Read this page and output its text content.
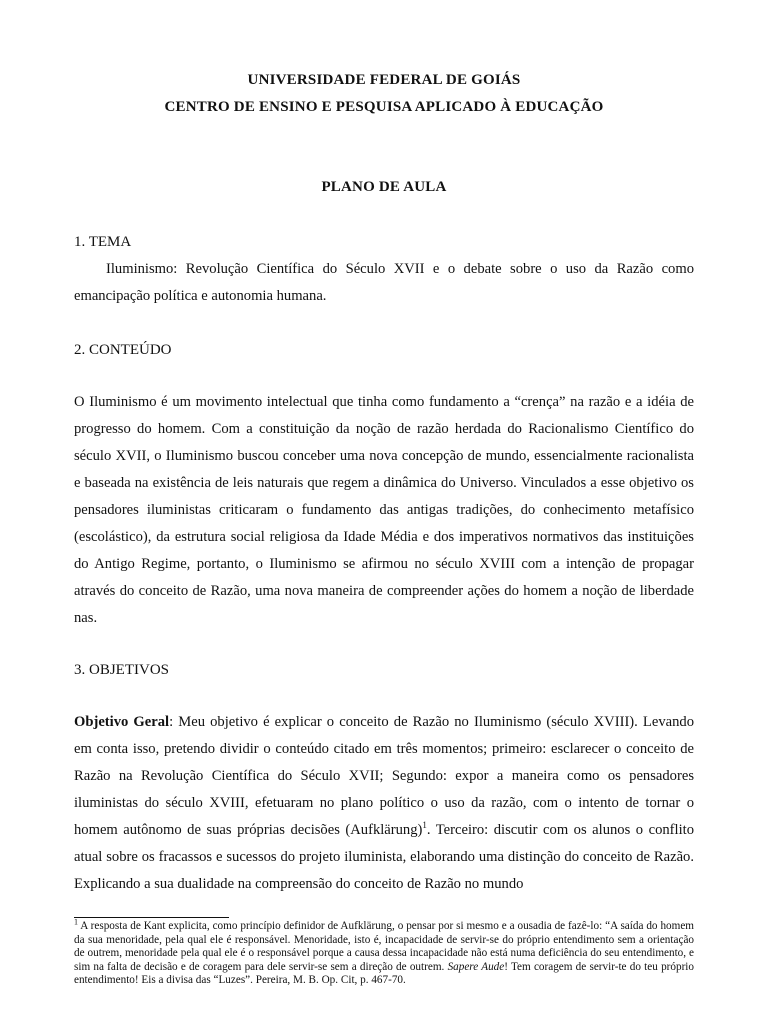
UNIVERSIDADE FEDERAL DE GOIÁS
CENTRO DE ENSINO E PESQUISA APLICADO À EDUCAÇÃO
PLANO DE AULA
1. TEMA

Iluminismo: Revolução Científica do Século XVII e o debate sobre o uso da Razão como emancipação política e autonomia humana.

2. CONTEÚDO

O Iluminismo é um movimento intelectual que tinha como fundamento a “crença” na razão e a idéia de progresso do homem. Com a constituição da noção de razão herdada do Racionalismo Científico do século XVII, o Iluminismo buscou conceber uma nova concepção de mundo, essencialmente racionalista e baseada na existência de leis naturais que regem a dinâmica do Universo. Vinculados a esse objetivo os pensadores iluministas criticaram o fundamento das antigas tradições, do conhecimento metafísico (escolástico), da estrutura social religiosa da Idade Média e dos imperativos normativos das instituições do Antigo Regime, portanto, o Iluminismo se afirmou no século XVIII com a intenção de propagar através do conceito de Razão, uma nova maneira de compreender ações do homem a noção de liberdade nas.

3. OBJETIVOS

Objetivo Geral: Meu objetivo é explicar o conceito de Razão no Iluminismo (século XVIII). Levando em conta isso, pretendo dividir o conteúdo citado em três momentos; primeiro: esclarecer o conceito de Razão na Revolução Científica do Século XVII; Segundo: expor a maneira como os pensadores iluministas do século XVIII, efetuaram no plano político o uso da razão, com o intento de tornar o homem autônomo de suas próprias decisões (Aufklärung)$^1$. Terceiro: discutir com os alunos o conflito atual sobre os fracassos e sucessos do projeto iluminista, elaborando uma distinção do conceito de Razão. Explicando a sua dualidade na compreensão do conceito de Razão no mundo

$^1$ A resposta de Kant explicita, como princípio definidor de Aufklärung, o pensar por si mesmo e a ousadia de fazê-lo: “A saída do homem da sua menoridade, pela qual ele é responsável. Menoridade, isto é, incapacidade de servir-se do próprio entendimento sem a orientação de outrem, menoridade pela qual ele é o responsável porque a causa dessa incapacidade não está numa deficiência do seu entendimento, e sim na falta de decisão e de coragem para dele servir-se sem a direção de outrem. Sapere Aude! Tem coragem de servir-te do teu próprio entendimento! Eis a divisa das “Luzes”. Pereira, M. B. Op. Cit, p. 467-70.
